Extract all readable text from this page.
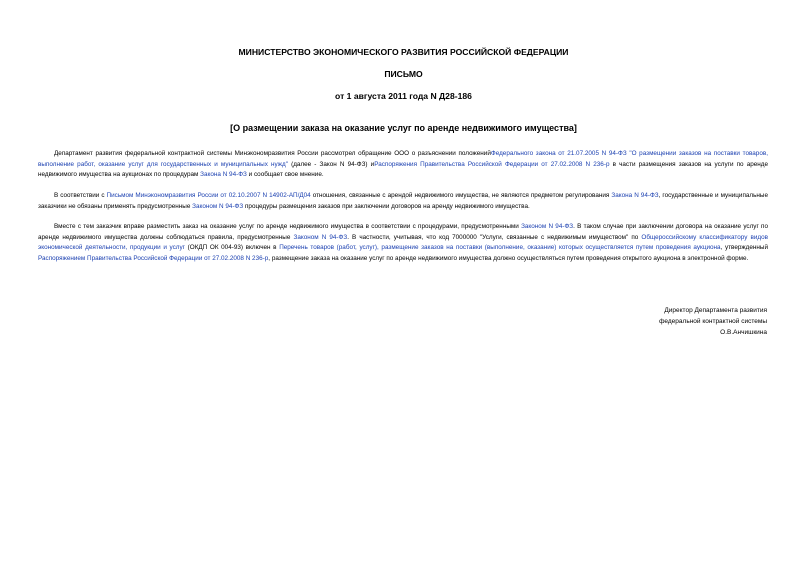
МИНИСТЕРСТВО ЭКОНОМИЧЕСКОГО РАЗВИТИЯ РОССИЙСКОЙ ФЕДЕРАЦИИ
ПИСЬМО
от 1 августа 2011 года N Д28-186
[О размещении заказа на оказание услуг по аренде недвижимого имущества]
Департамент развития федеральной контрактной системы Минэкономразвития России рассмотрел обращение ООО о разъяснении положенийФедерального закона от 21.07.2005 N 94-ФЗ "О размещении заказов на поставки товаров, выполнение работ, оказание услуг для государственных и муниципальных нужд" (далее - Закон N 94-ФЗ) иРаспоряжения Правительства Российской Федерации от 27.02.2008 N 236-р в части размещения заказов на услуги по аренде недвижимого имущества на аукционах по процедурам Закона N 94-ФЗ и сообщает свое мнение.
В соответствии с Письмом Минэкономразвития России от 02.10.2007 N 14902-АП/Д04 отношения, связанные с арендой недвижимого имущества, не являются предметом регулирования Закона N 94-ФЗ, государственные и муниципальные заказчики не обязаны применять предусмотренные Законом N 94-ФЗ процедуры размещения заказов при заключении договоров на аренду недвижимого имущества.
Вместе с тем заказчик вправе разместить заказ на оказание услуг по аренде недвижимого имущества в соответствии с процедурами, предусмотренными Законом N 94-ФЗ. В таком случае при заключении договора на оказание услуг по аренде недвижимого имущества должны соблюдаться правила, предусмотренные Законом N 94-ФЗ. В частности, учитывая, что код 7000000 "Услуги, связанные с недвижимым имуществом" по Общероссийскому классификатору видов экономической деятельности, продукции и услуг (ОКДП ОК 004-93) включен в Перечень товаров (работ, услуг), размещение заказов на поставки (выполнение, оказание) которых осуществляется путем проведения аукциона, утвержденный Распоряжением Правительства Российской Федерации от 27.02.2008 N 236-р, размещение заказа на оказание услуг по аренде недвижимого имущества должно осуществляться путем проведения открытого аукциона в электронной форме.
Директор Департамента развития
федеральной контрактной системы
О.В.Анчишкина
